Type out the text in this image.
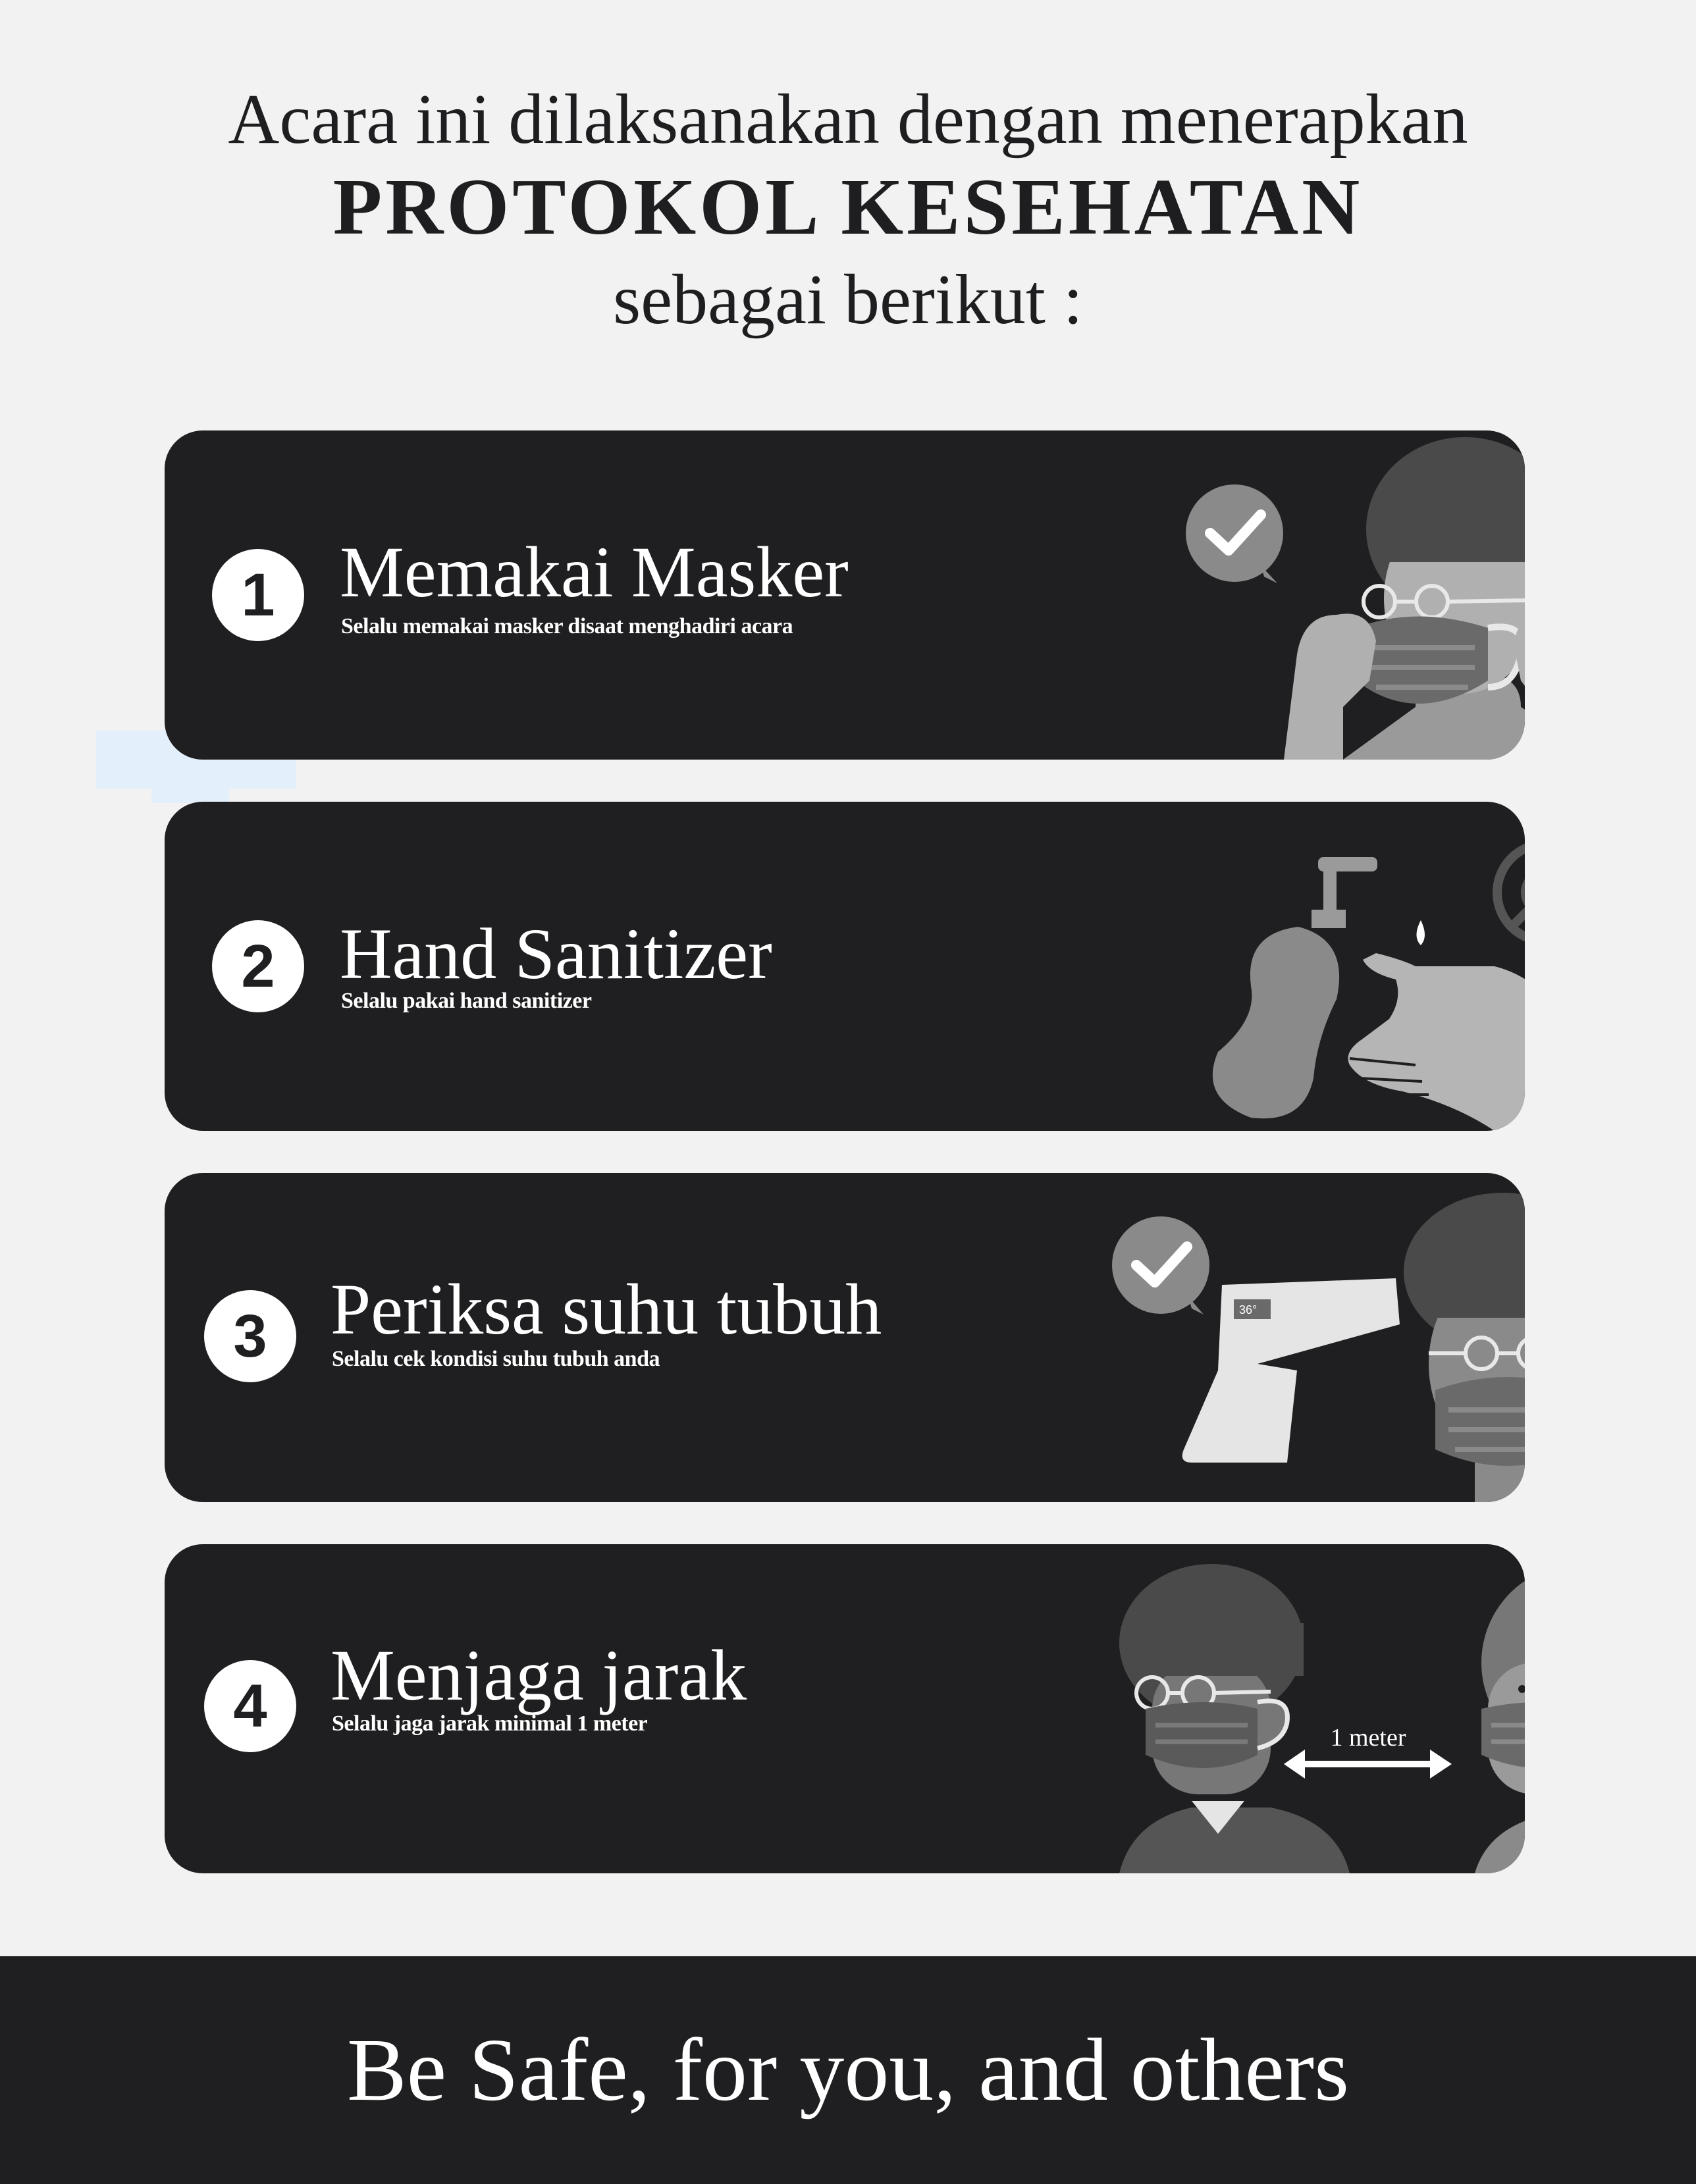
Acara ini dilaksanakan dengan menerapkan
PROTOKOL KESEHATAN
sebagai berikut :
1 Memakai Masker
Selalu memakai masker disaat menghadiri acara
2 Hand Sanitizer
Selalu pakai hand sanitizer
3 Periksa suhu tubuh
Selalu cek kondisi suhu tubuh anda
36°
4 Menjaga jarak
Selalu jaga jarak minimal 1 meter
1 meter
Be Safe, for you, and others
